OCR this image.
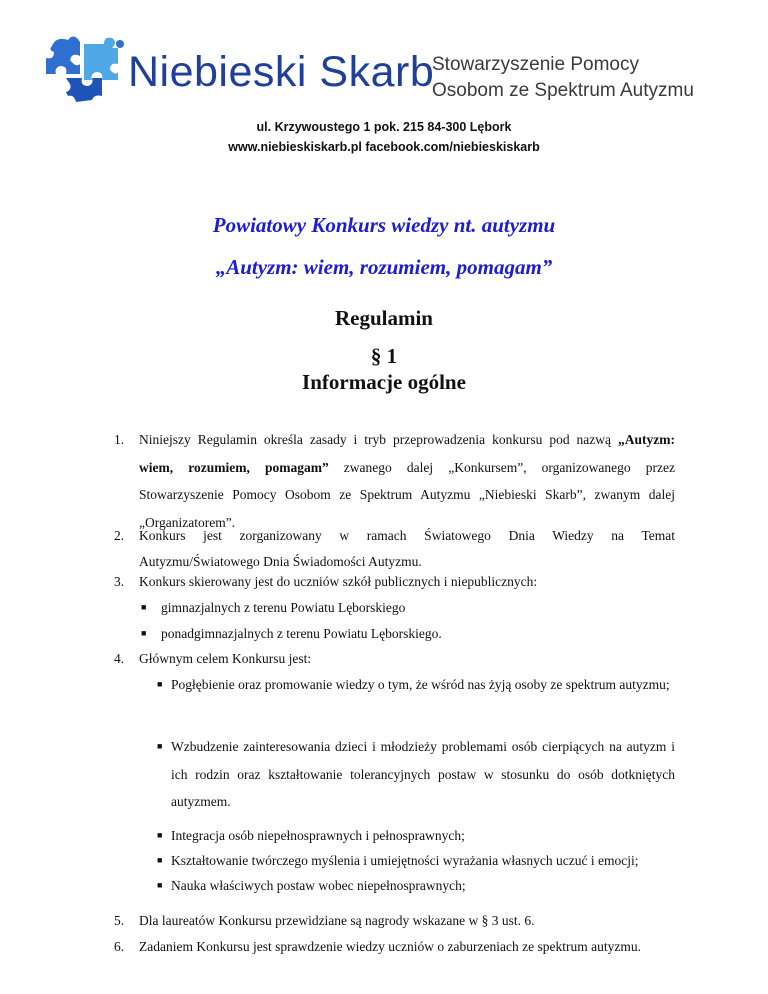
Niebieski Skarb
Stowarzyszenie Pomocy
Osobom ze Spektrum Autyzmu
ul. Krzywoustego 1 pok. 215 84-300 Lębork
www.niebieskiskarb.pl facebook.com/niebieskiskarb
Powiatowy Konkurs wiedzy nt. autyzmu
„Autyzm: wiem, rozumiem, pomagam”
Regulamin
§ 1
Informacje ogólne
1.	Niniejszy Regulamin określa zasady i tryb przeprowadzenia konkursu pod nazwą „Autyzm: wiem, rozumiem, pomagam” zwanego dalej „Konkursem”, organizowanego przez Stowarzyszenie Pomocy Osobom ze Spektrum Autyzmu „Niebieski Skarb”, zwanym dalej „Organizatorem”.
2.	Konkurs jest zorganizowany w ramach Światowego Dnia Wiedzy na Temat
Autyzmu/Światowego Dnia Świadomości Autyzmu.
3.	Konkurs skierowany jest do uczniów szkół publicznych i niepublicznych:
■ gimnazjalnych z terenu Powiatu Lęborskiego
■ ponadgimnazjalnych z terenu Powiatu Lęborskiego.
4.	Głównym celem Konkursu jest:
■ Pogłębienie oraz promowanie wiedzy o tym, że wśród nas żyją osoby ze spektrum autyzmu;
■ Wzbudzenie zainteresowania dzieci i młodzieży problemami osób cierpiących na autyzm i ich rodzin oraz kształtowanie tolerancyjnych postaw w stosunku do osób dotkniętych autyzmem.
■ Integracja osób niepełnosprawnych i pełnosprawnych;
■ Kształtowanie twórczego myślenia i umiejętności wyrażania własnych uczuć i emocji;
■ Nauka właściwych postaw wobec niepełnosprawnych;
5.	Dla laureatów Konkursu przewidziane są nagrody wskazane w § 3 ust. 6.
6.	Zadaniem Konkursu jest sprawdzenie wiedzy uczniów o zaburzeniach ze spektrum autyzmu.
